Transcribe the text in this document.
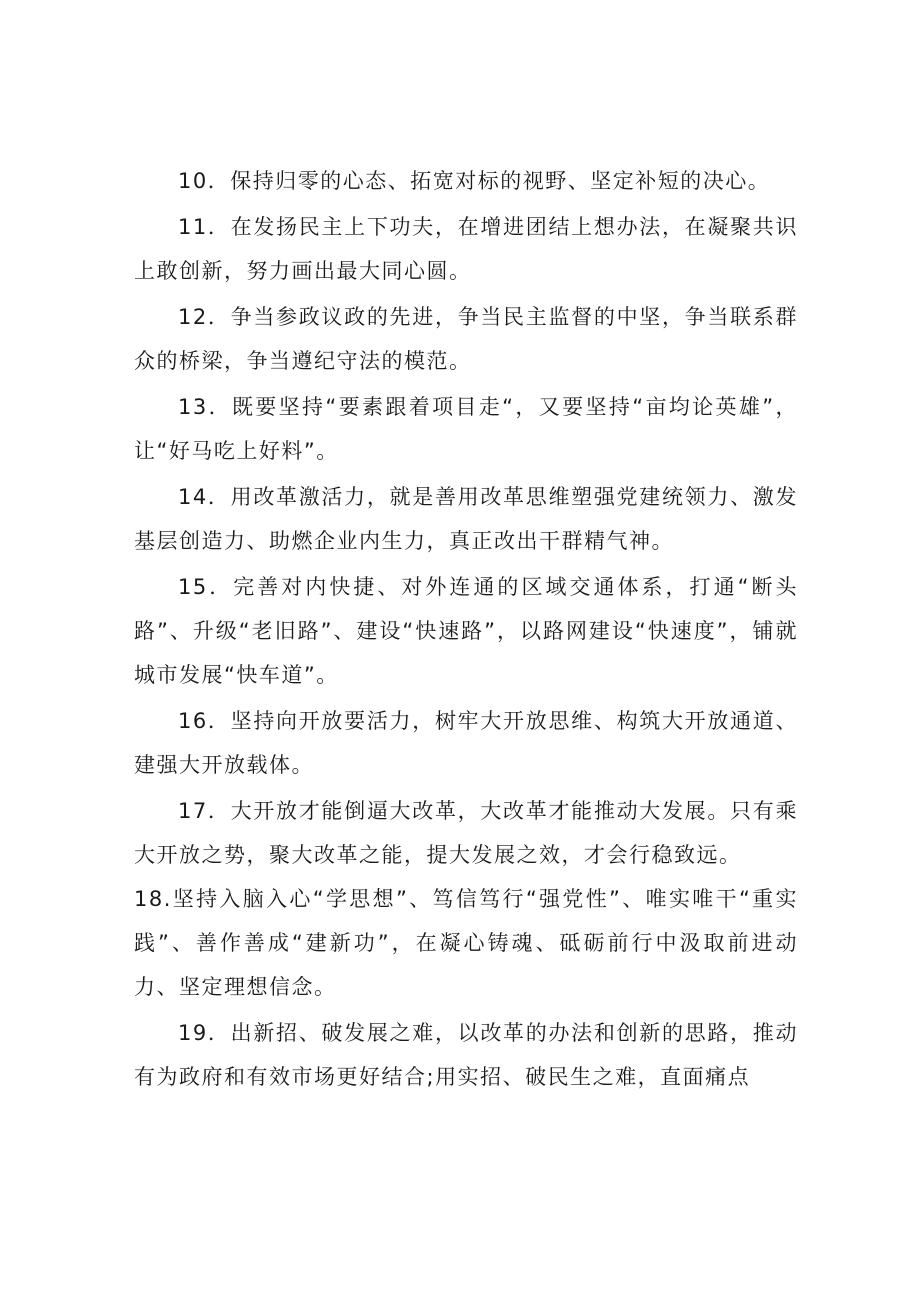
10．保持归零的心态、拓宽对标的视野、坚定补短的决心。

11．在发扬民主上下功夫，在增进团结上想办法，在凝聚共识上敢创新，努力画出最大同心圆。

12．争当参政议政的先进，争当民主监督的中坚，争当联系群众的桥梁，争当遵纪守法的模范。

13．既要坚持“要素跟着项目走“，又要坚持“亩均论英雄”，让“好马吃上好料”。

14．用改革激活力，就是善用改革思维塑强党建统领力、激发基层创造力、助燃企业内生力，真正改出干群精气神。

15．完善对内快捷、对外连通的区域交通体系，打通“断头路”、升级“老旧路”、建设“快速路”，以路网建设“快速度”，铺就城市发展“快车道”。

16．坚持向开放要活力，树牢大开放思维、构筑大开放通道、建强大开放载体。

17．大开放才能倒逼大改革，大改革才能推动大发展。只有乘大开放之势，聚大改革之能，提大发展之效，才会行稳致远。

18.坚持入脑入心“学思想”、笃信笃行“强党性”、唯实唯干“重实践”、善作善成“建新功”，在凝心铸魂、砥砺前行中汲取前进动力、坚定理想信念。

19．出新招、破发展之难，以改革的办法和创新的思路，推动有为政府和有效市场更好结合;用实招、破民生之难，直面痛点
